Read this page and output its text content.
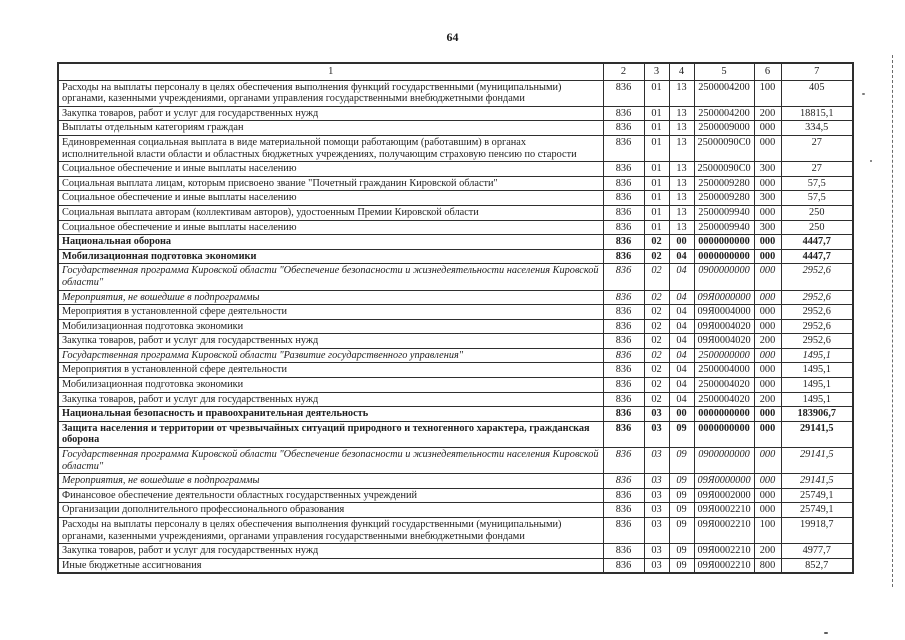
64
1	2	3	4	5	6	7
Расходы на выплаты персоналу в целях обеспечения выполнения функций государственными (муниципальными) органами, казенными учреждениями, органами управления государственными внебюджетными фондами	836	01	13	2500004200	100	405
Закупка товаров, работ и услуг для государственных нужд	836	01	13	2500004200	200	18815,1
Выплаты отдельным категориям граждан	836	01	13	2500009000	000	334,5
Единовременная социальная выплата в виде материальной помощи работающим (работавшим) в органах исполнительной власти области и областных бюджетных учреждениях, получающим страховую пенсию по старости	836	01	13	25000090С0	000	27
Социальное обеспечение и иные выплаты населению	836	01	13	25000090С0	300	27
Социальная выплата лицам, которым присвоено звание "Почетный гражданин Кировской области"	836	01	13	2500009280	000	57,5
Социальное обеспечение и иные выплаты населению	836	01	13	2500009280	300	57,5
Социальная выплата авторам (коллективам авторов), удостоенным Премии Кировской области	836	01	13	2500009940	000	250
Социальное обеспечение и иные выплаты населению	836	01	13	2500009940	300	250
Национальная оборона	836	02	00	0000000000	000	4447,7
Мобилизационная подготовка экономики	836	02	04	0000000000	000	4447,7
Государственная программа Кировской области "Обеспечение безопасности и жизнедеятельности населения Кировской области"	836	02	04	0900000000	000	2952,6
Мероприятия, не вошедшие в подпрограммы	836	02	04	09Я0000000	000	2952,6
Мероприятия в установленной сфере деятельности	836	02	04	09Я0004000	000	2952,6
Мобилизационная подготовка экономики	836	02	04	09Я0004020	000	2952,6
Закупка товаров, работ и услуг для государственных нужд	836	02	04	09Я0004020	200	2952,6
Государственная программа Кировской области "Развитие государственного управления"	836	02	04	2500000000	000	1495,1
Мероприятия в установленной сфере деятельности	836	02	04	2500004000	000	1495,1
Мобилизационная подготовка экономики	836	02	04	2500004020	000	1495,1
Закупка товаров, работ и услуг для государственных нужд	836	02	04	2500004020	200	1495,1
Национальная безопасность и правоохранительная деятельность	836	03	00	0000000000	000	183906,7
Защита населения и территории от чрезвычайных ситуаций природного и техногенного характера, гражданская оборона	836	03	09	0000000000	000	29141,5
Государственная программа Кировской области "Обеспечение безопасности и жизнедеятельности населения Кировской области"	836	03	09	0900000000	000	29141,5
Мероприятия, не вошедшие в подпрограммы	836	03	09	09Я0000000	000	29141,5
Финансовое обеспечение деятельности областных государственных учреждений	836	03	09	09Я0002000	000	25749,1
Организации дополнительного профессионального образования	836	03	09	09Я0002210	000	25749,1
Расходы на выплаты персоналу в целях обеспечения выполнения функций государственными (муниципальными) органами, казенными учреждениями, органами управления государственными внебюджетными фондами	836	03	09	09Я0002210	100	19918,7
Закупка товаров, работ и услуг для государственных нужд	836	03	09	09Я0002210	200	4977,7
Иные бюджетные ассигнования	836	03	09	09Я0002210	800	852,7
